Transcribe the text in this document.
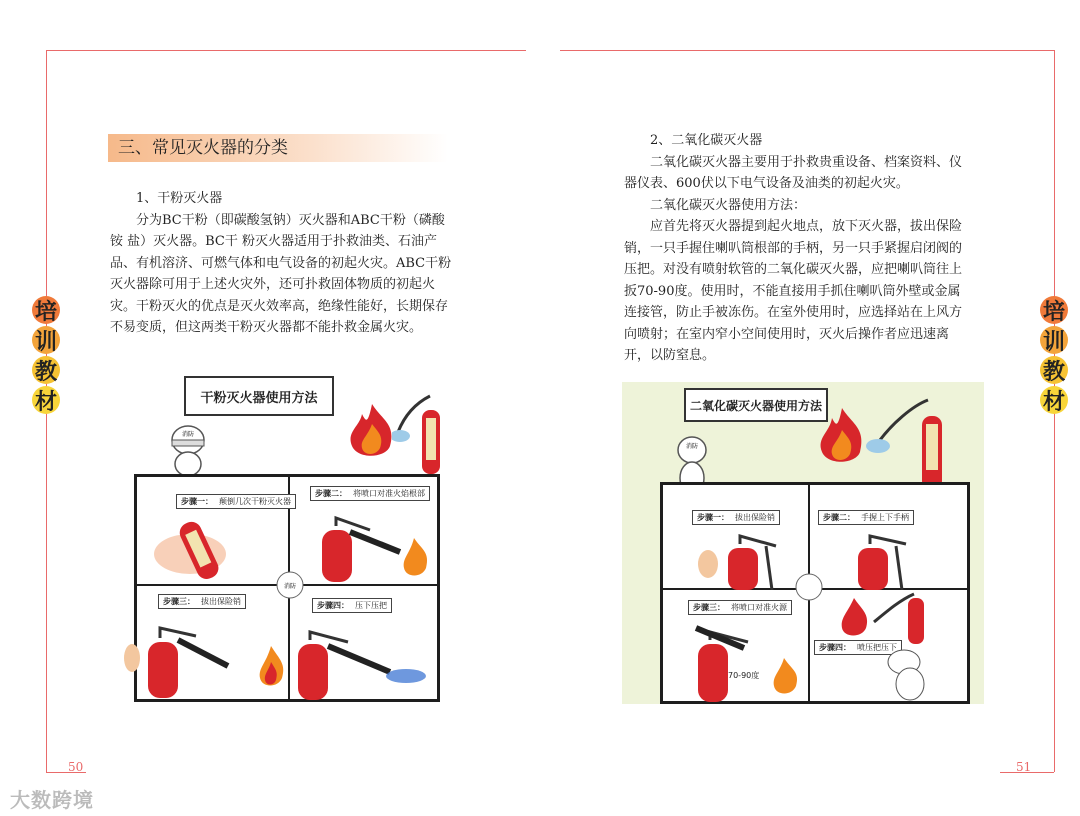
培
训
教
材
培
训
教
材
50	51
三、常见灭火器的分类

1、干粉灭火器

分为BC干粉（即碳酸氢钠）灭火器和ABC干粉（磷酸铵 盐）灭火器。BC干 粉灭火器适用于扑救油类、石油产品、有机溶济、可燃气体和电气设备的初起火灾。ABC干粉灭火器除可用于上述火灾外，还可扑救固体物质的初起火灾。干粉灭火的优点是灭火效率高，绝缘性能好，长期保存不易变质，但这两类干粉灭火器都不能扑救金属火灾。

干粉灭火器使用方法
消防
消防
步骤一： 颠倒几次干粉灭火器
步骤二： 将喷口对准火焰根部
步骤三： 拔出保险销	步骤四： 压下压把

2、二氧化碳灭火器

二氧化碳灭火器主要用于扑救贵重设备、档案资料、仪器仪表、600伏以下电气设备及油类的初起火灾。

二氧化碳灭火器使用方法：

应首先将灭火器提到起火地点，放下灭火器，拔出保险销，一只手握住喇叭筒根部的手柄，另一只手紧握启闭阀的压把。对没有喷射软管的二氧化碳灭火器，应把喇叭筒往上扳70-90度。使用时，不能直接用手抓住喇叭筒外壁或金属连接管，防止手被冻伤。在室外使用时，应选择站在上风方向喷射；在室内窄小空间使用时，灭火后操作者应迅速离开，以防窒息。

二氧化碳灭火器使用方法
消防
步骤一： 拔出保险销	步骤二： 手握上下手柄
步骤三： 将喷口对准火源
步骤四： 喷压把压下
70-90度
大数跨境
